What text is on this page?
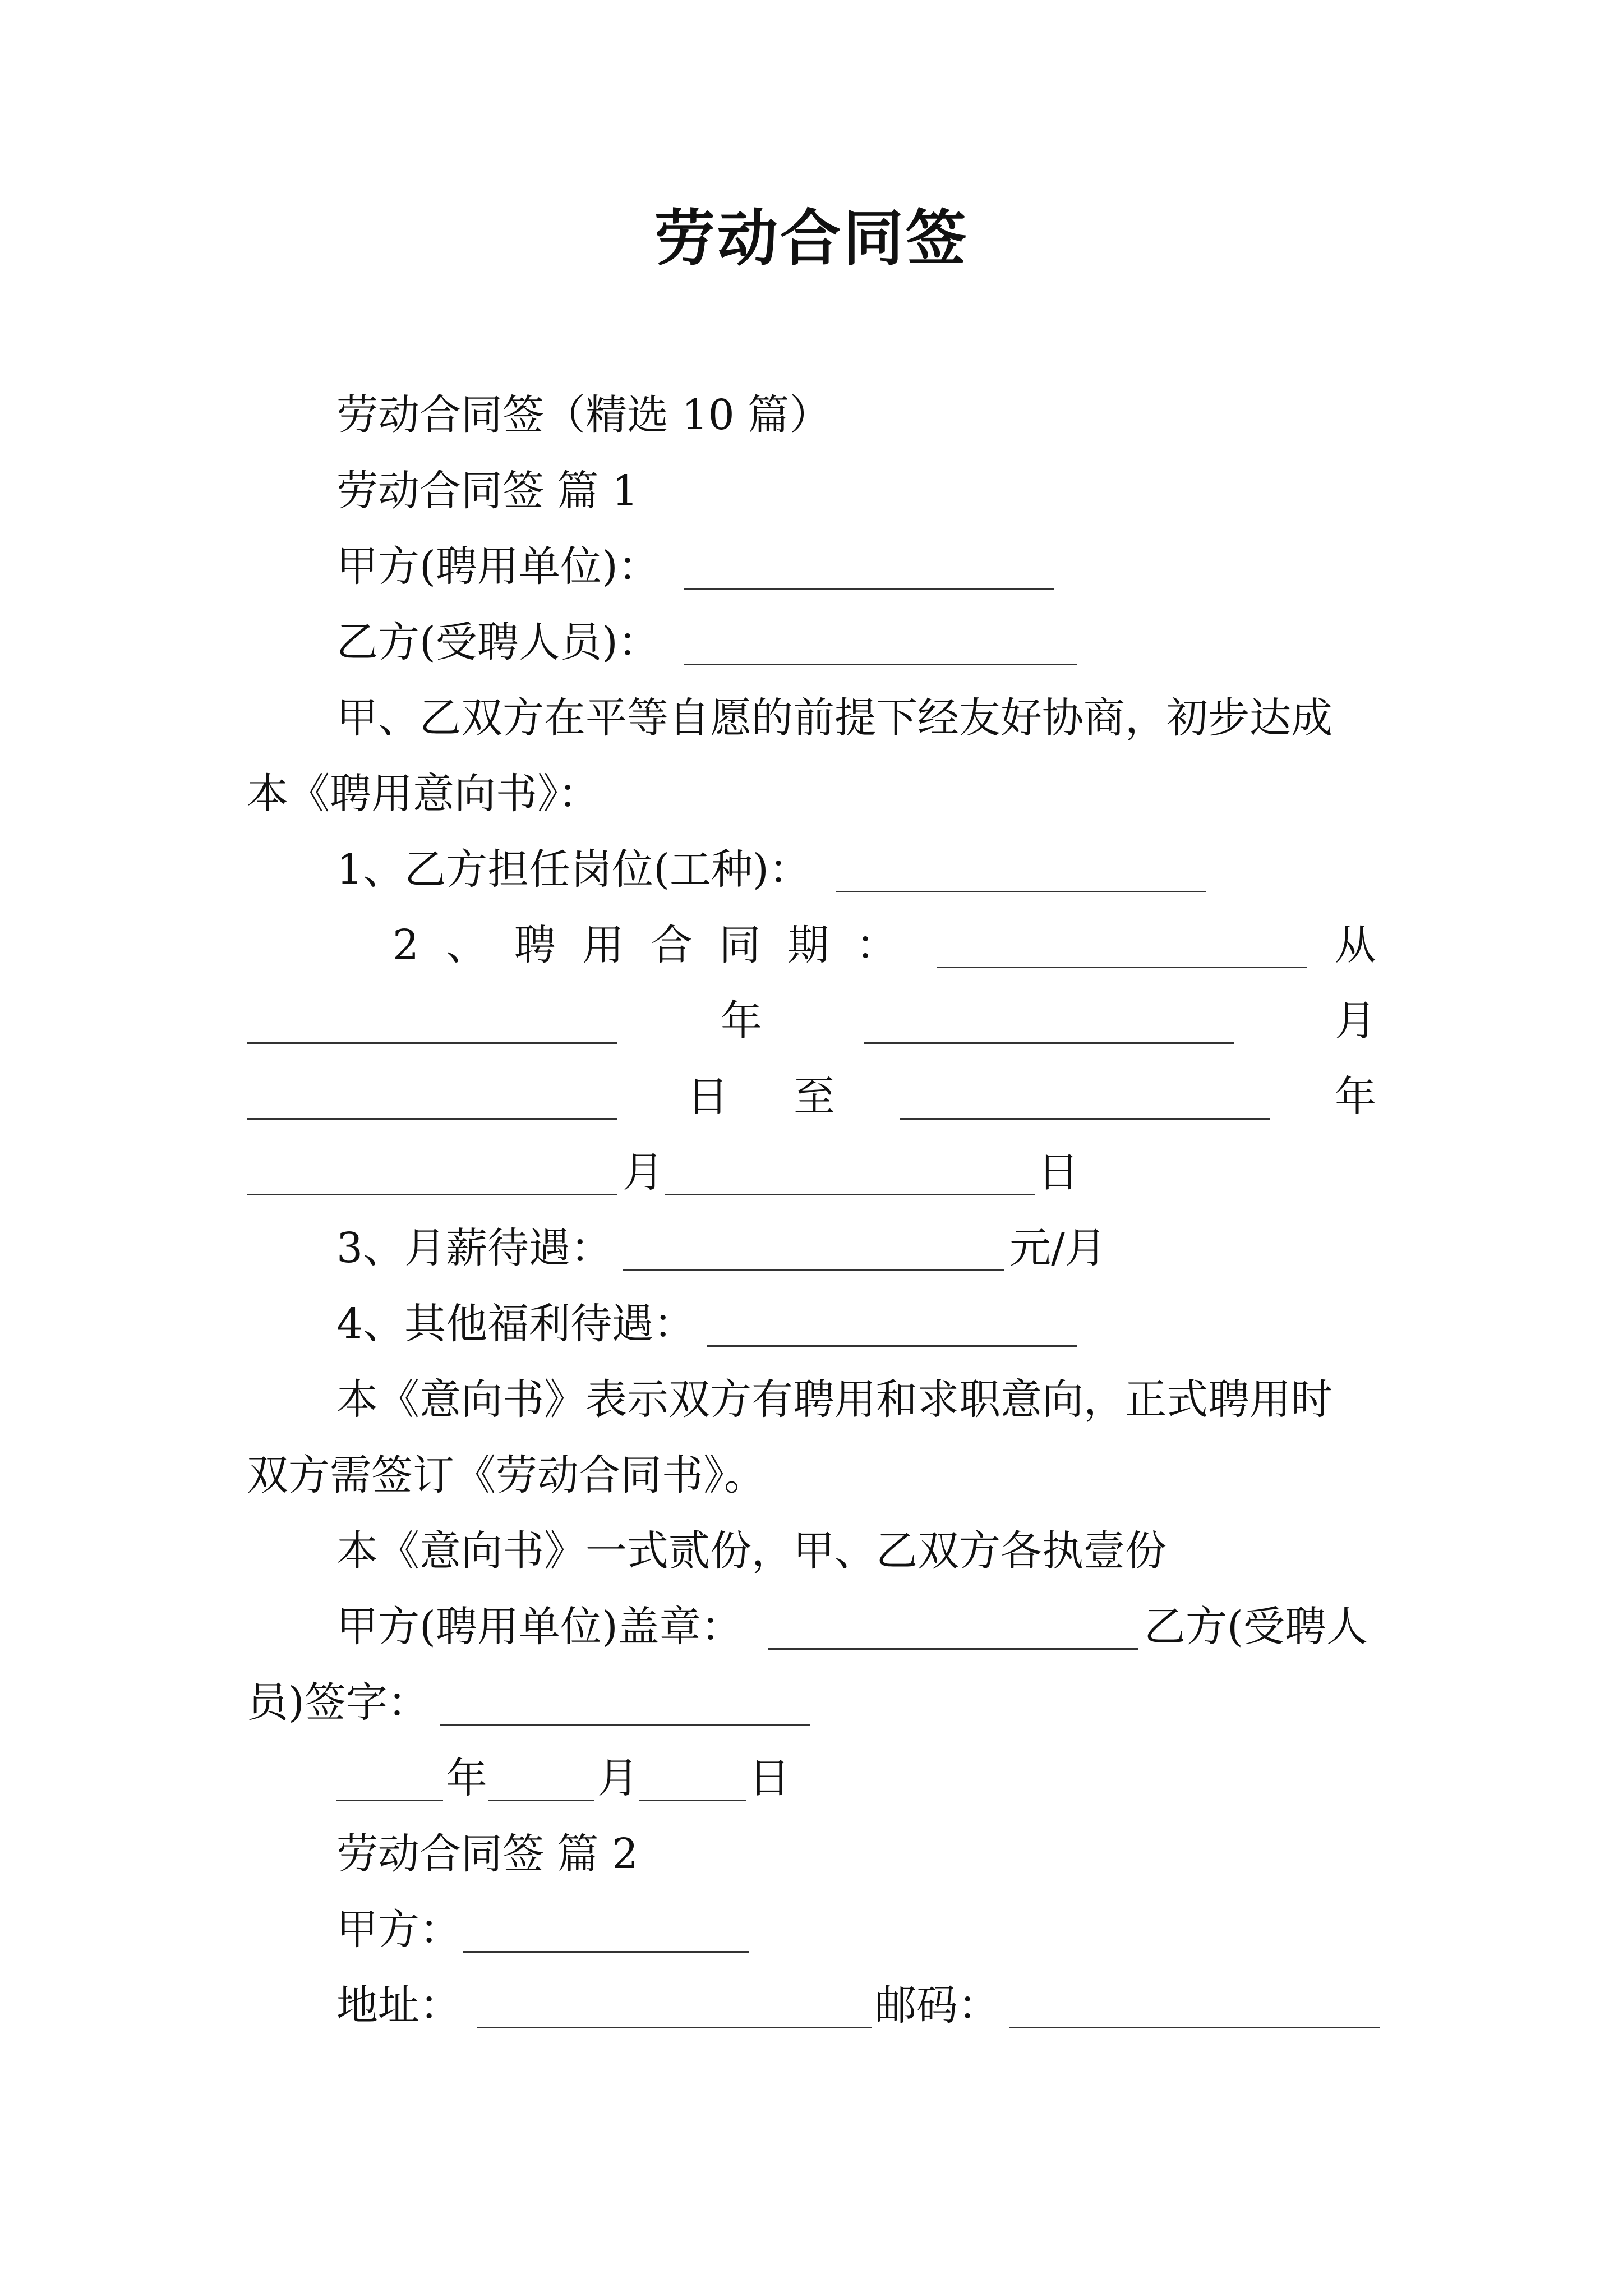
劳动合同签
劳动合同签（精选 10 篇）
劳动合同签 篇 1
甲方(聘用单位)：
乙方(受聘人员)：
甲、乙双方在平等自愿的前提下经友好协商，初步达成
本《聘用意向书》：
1、乙方担任岗位(工种)：
2 、 聘 用 合 同 期 ：	从
年	月
日 至	年
月	日
3、月薪待遇：	元/月
4、其他福利待遇：
本《意向书》表示双方有聘用和求职意向，正式聘用时
双方需签订《劳动合同书》。
本《意向书》一式贰份，甲、乙双方各执壹份
甲方(聘用单位)盖章：	乙方(受聘人
员)签字：
年	月	日
劳动合同签 篇 2
甲方：
地址：	邮码：
